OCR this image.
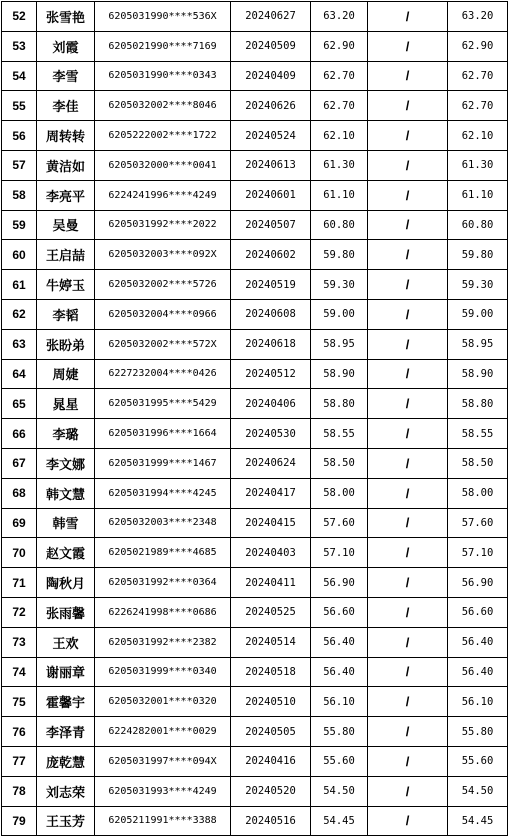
52	张雪艳	6205031990****536X	20240627	63.20	/	63.20
53	刘霞	6205021990****7169	20240509	62.90	/	62.90
54	李雪	6205031990****0343	20240409	62.70	/	62.70
55	李佳	6205032002****8046	20240626	62.70	/	62.70
56	周转转	6205222002****1722	20240524	62.10	/	62.10
57	黄洁如	6205032000****0041	20240613	61.30	/	61.30
58	李亮平	6224241996****4249	20240601	61.10	/	61.10
59	吴曼	6205031992****2022	20240507	60.80	/	60.80
60	王启喆	6205032003****092X	20240602	59.80	/	59.80
61	牛婷玉	6205032002****5726	20240519	59.30	/	59.30
62	李韬	6205032004****0966	20240608	59.00	/	59.00
63	张盼弟	6205032002****572X	20240618	58.95	/	58.95
64	周婕	6227232004****0426	20240512	58.90	/	58.90
65	晁星	6205031995****5429	20240406	58.80	/	58.80
66	李璐	6205031996****1664	20240530	58.55	/	58.55
67	李文娜	6205031999****1467	20240624	58.50	/	58.50
68	韩文慧	6205031994****4245	20240417	58.00	/	58.00
69	韩雪	6205032003****2348	20240415	57.60	/	57.60
70	赵文霞	6205021989****4685	20240403	57.10	/	57.10
71	陶秋月	6205031992****0364	20240411	56.90	/	56.90
72	张雨馨	6226241998****0686	20240525	56.60	/	56.60
73	王欢	6205031992****2382	20240514	56.40	/	56.40
74	谢丽章	6205031999****0340	20240518	56.40	/	56.40
75	霍馨宇	6205032001****0320	20240510	56.10	/	56.10
76	李泽青	6224282001****0029	20240505	55.80	/	55.80
77	庞乾慧	6205031997****094X	20240416	55.60	/	55.60
78	刘志荣	6205031993****4249	20240520	54.50	/	54.50
79	王玉芳	6205211991****3388	20240516	54.45	/	54.45
